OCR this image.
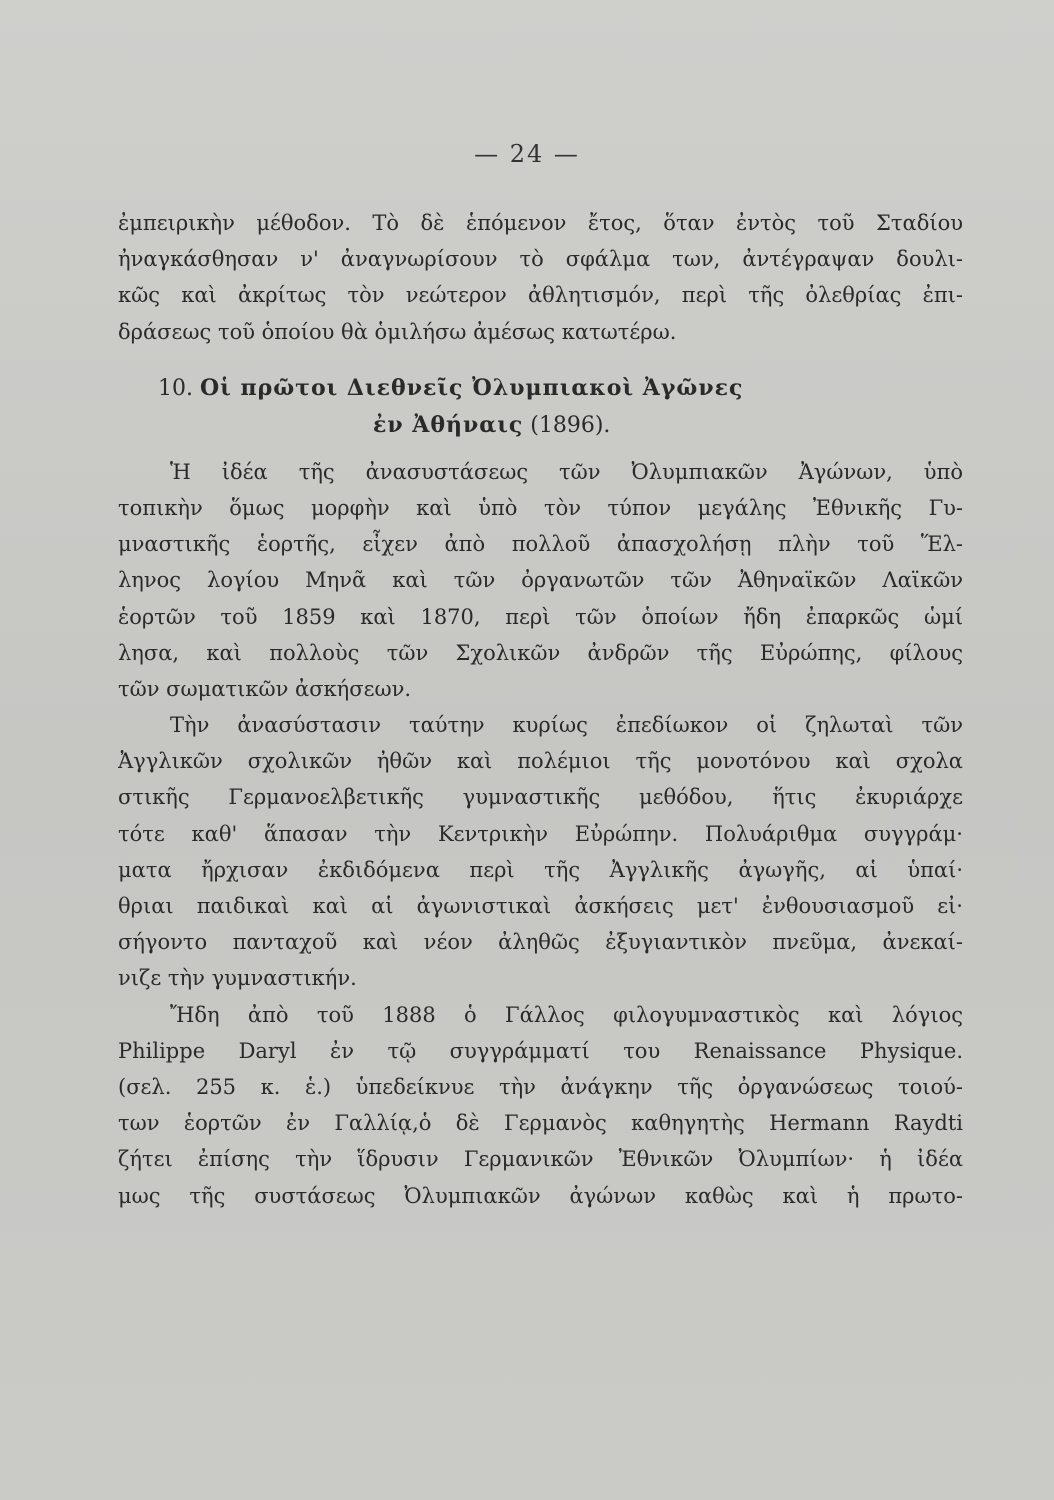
— 24 —
ἐμπειρικὴν μέθοδον. Τὸ δὲ ἑπόμενον ἔτος, ὅταν ἐντὸς τοῦ Σταδίου
ἠναγκάσθησαν ν' ἀναγνωρίσουν τὸ σφάλμα των, ἀντέγραψαν δουλι-
κῶς καὶ ἀκρίτως τὸν νεώτερον ἀθλητισμόν, περὶ τῆς ὀλεθρίας ἐπι-
δράσεως τοῦ ὁποίου θὰ ὁμιλήσω ἀμέσως κατωτέρω.
10. Οἱ πρῶτοι Διεθνεῖς Ὀλυμπιακοὶ Ἀγῶνες
ἐν Ἀθήναις (1896).
Ἡ ἰδέα τῆς ἀνασυστάσεως τῶν Ὀλυμπιακῶν Ἀγώνων, ὑπὸ
τοπικὴν ὅμως μορφὴν καὶ ὑπὸ τὸν τύπον μεγάλης Ἐθνικῆς Γυ-
μναστικῆς ἑορτῆς, εἶχεν ἀπὸ πολλοῦ ἀπασχολήσῃ πλὴν τοῦ Ἕλ-
ληνος λογίου Μηνᾶ καὶ τῶν ὀργανωτῶν τῶν Ἀθηναϊκῶν Λαϊκῶν
ἑορτῶν τοῦ 1859 καὶ 1870, περὶ τῶν ὁποίων ἤδη ἐπαρκῶς ὡμί
λησα, καὶ πολλοὺς τῶν Σχολικῶν ἀνδρῶν τῆς Εὐρώπης, φίλους
τῶν σωματικῶν ἀσκήσεων.
Τὴν ἀνασύστασιν ταύτην κυρίως ἐπεδίωκον οἱ ζηλωταὶ τῶν
Ἀγγλικῶν σχολικῶν ἠθῶν καὶ πολέμιοι τῆς μονοτόνου καὶ σχολα
στικῆς Γερμανοελβετικῆς γυμναστικῆς μεθόδου, ἥτις ἐκυριάρχε
τότε καθ' ἅπασαν τὴν Κεντρικὴν Εὐρώπην. Πολυάριθμα συγγράμ·
ματα ἤρχισαν ἐκδιδόμενα περὶ τῆς Ἀγγλικῆς ἀγωγῆς, αἱ ὑπαί·
θριαι παιδικαὶ καὶ αἱ ἀγωνιστικαὶ ἀσκήσεις μετ' ἐνθουσιασμοῦ εἰ·
σήγοντο πανταχοῦ καὶ νέον ἀληθῶς ἐξυγιαντικὸν πνεῦμα, ἀνεκαί-
νιζε τὴν γυμναστικήν.
Ἤδη ἀπὸ τοῦ 1888 ὁ Γάλλος φιλογυμναστικὸς καὶ λόγιος
Philippe Daryl ἐν τῷ συγγράμματί του Renaissance Physique.
(σελ. 255 κ. ἑ.) ὑπεδείκνυε τὴν ἀνάγκην τῆς ὀργανώσεως τοιού-
των ἑορτῶν ἐν Γαλλίᾳ,ὁ δὲ Γερμανὸς καθηγητὴς Hermann Raydti
ζήτει ἐπίσης τὴν ἵδρυσιν Γερμανικῶν Ἐθνικῶν Ὀλυμπίων· ἡ ἰδέα
μως τῆς συστάσεως Ὀλυμπιακῶν ἀγώνων καθὼς καὶ ἡ πρωτο-
